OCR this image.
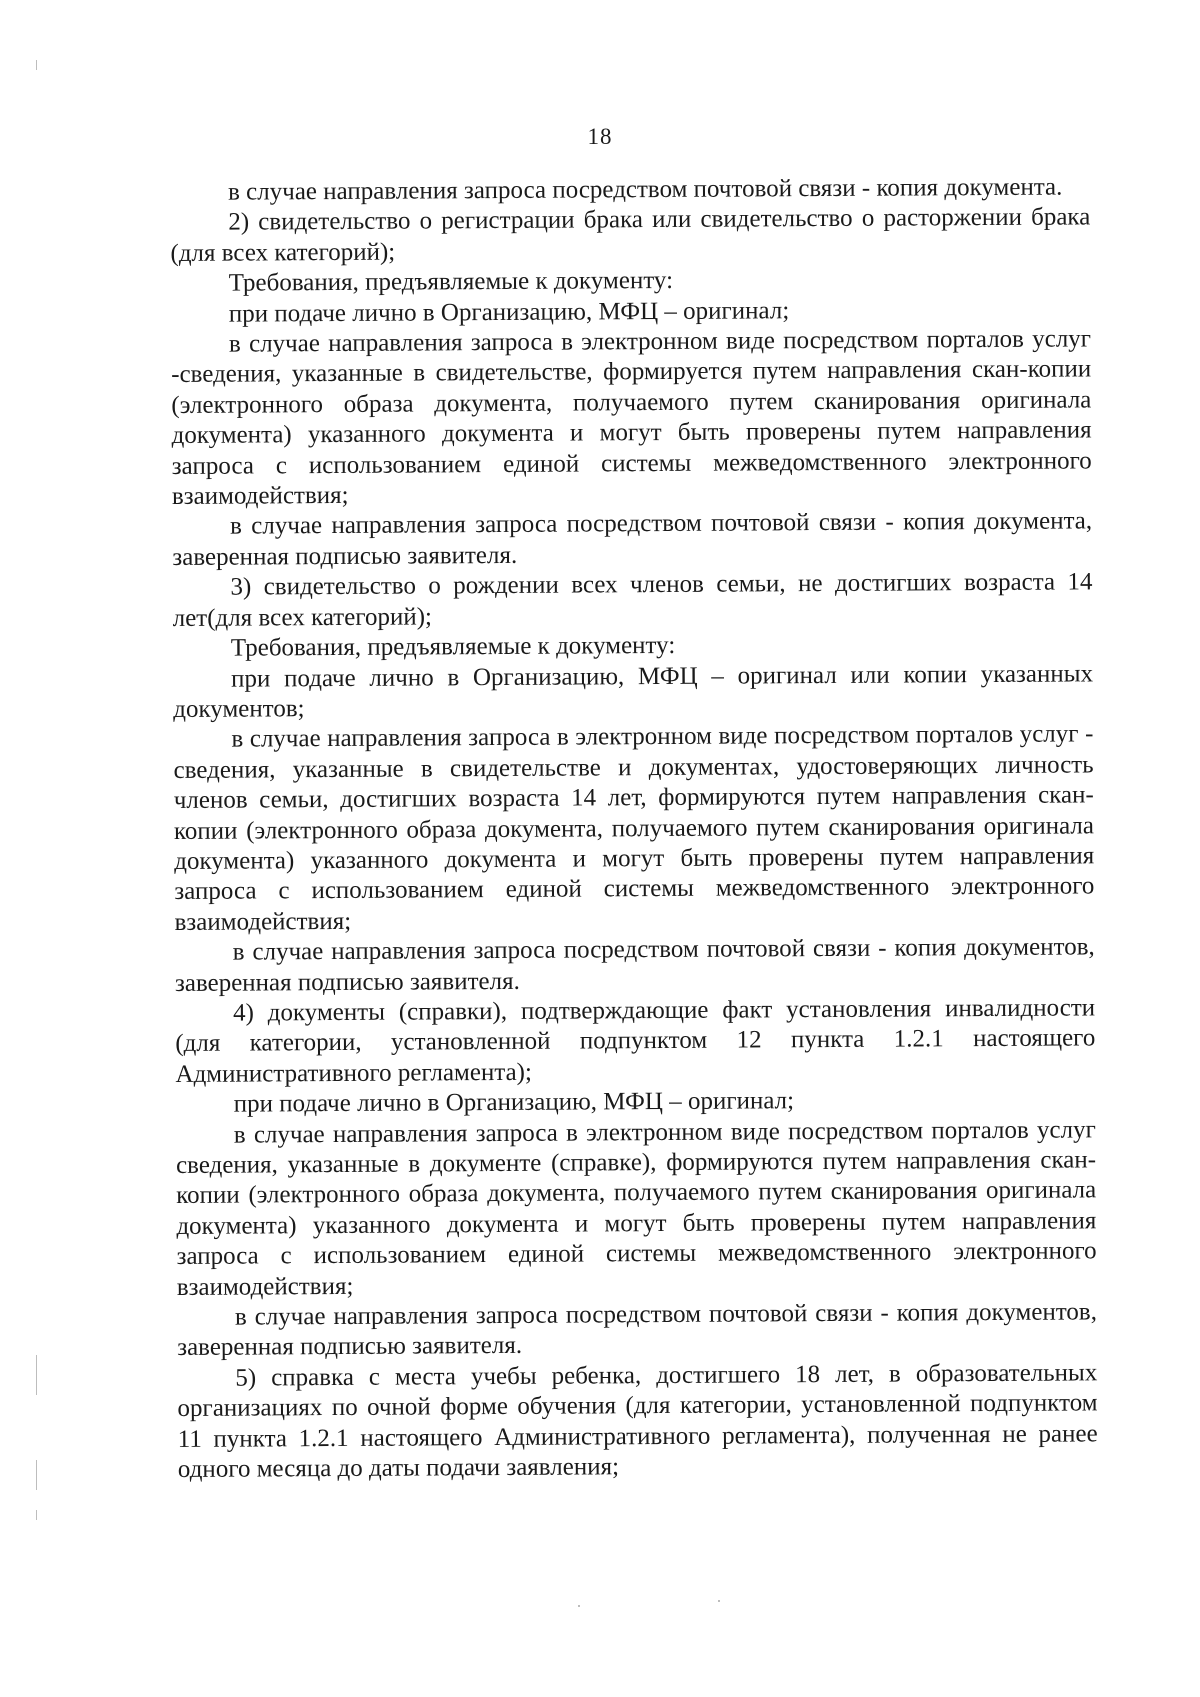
18

в случае направления запроса посредством почтовой связи - копия документа.

2) свидетельство о регистрации брака или свидетельство о расторжении брака (для всех категорий);

Требования, предъявляемые к документу:

при подаче лично в Организацию, МФЦ – оригинал;

в случае направления запроса в электронном виде посредством порталов услуг -сведения, указанные в свидетельстве, формируется путем направления скан-копии (электронного образа документа, получаемого путем сканирования оригинала документа) указанного документа и могут быть проверены путем направления запроса с использованием единой системы межведомственного электронного взаимодействия;

в случае направления запроса посредством почтовой связи - копия документа, заверенная подписью заявителя.

3) свидетельство о рождении всех членов семьи, не достигших возраста 14 лет(для всех категорий);

Требования, предъявляемые к документу:

при подаче лично в Организацию, МФЦ – оригинал или копии указанных документов;

в случае направления запроса в электронном виде посредством порталов услуг - сведения, указанные в свидетельстве и документах, удостоверяющих личность членов семьи, достигших возраста 14 лет, формируются путем направления скан-копии (электронного образа документа, получаемого путем сканирования оригинала документа) указанного документа и могут быть проверены путем направления запроса с использованием единой системы межведомственного электронного взаимодействия;

в случае направления запроса посредством почтовой связи - копия документов, заверенная подписью заявителя.

4) документы (справки), подтверждающие факт установления инвалидности (для категории, установленной подпунктом 12 пункта 1.2.1 настоящего Административного регламента);

при подаче лично в Организацию, МФЦ – оригинал;

в случае направления запроса в электронном виде посредством порталов услуг сведения, указанные в документе (справке), формируются путем направления скан-копии (электронного образа документа, получаемого путем сканирования оригинала документа) указанного документа и могут быть проверены путем направления запроса с использованием единой системы межведомственного электронного взаимодействия;

в случае направления запроса посредством почтовой связи - копия документов, заверенная подписью заявителя.

5) справка с места учебы ребенка, достигшего 18 лет, в образовательных организациях по очной форме обучения (для категории, установленной подпунктом 11 пункта 1.2.1 настоящего Административного регламента), полученная не ранее одного месяца до даты подачи заявления;
